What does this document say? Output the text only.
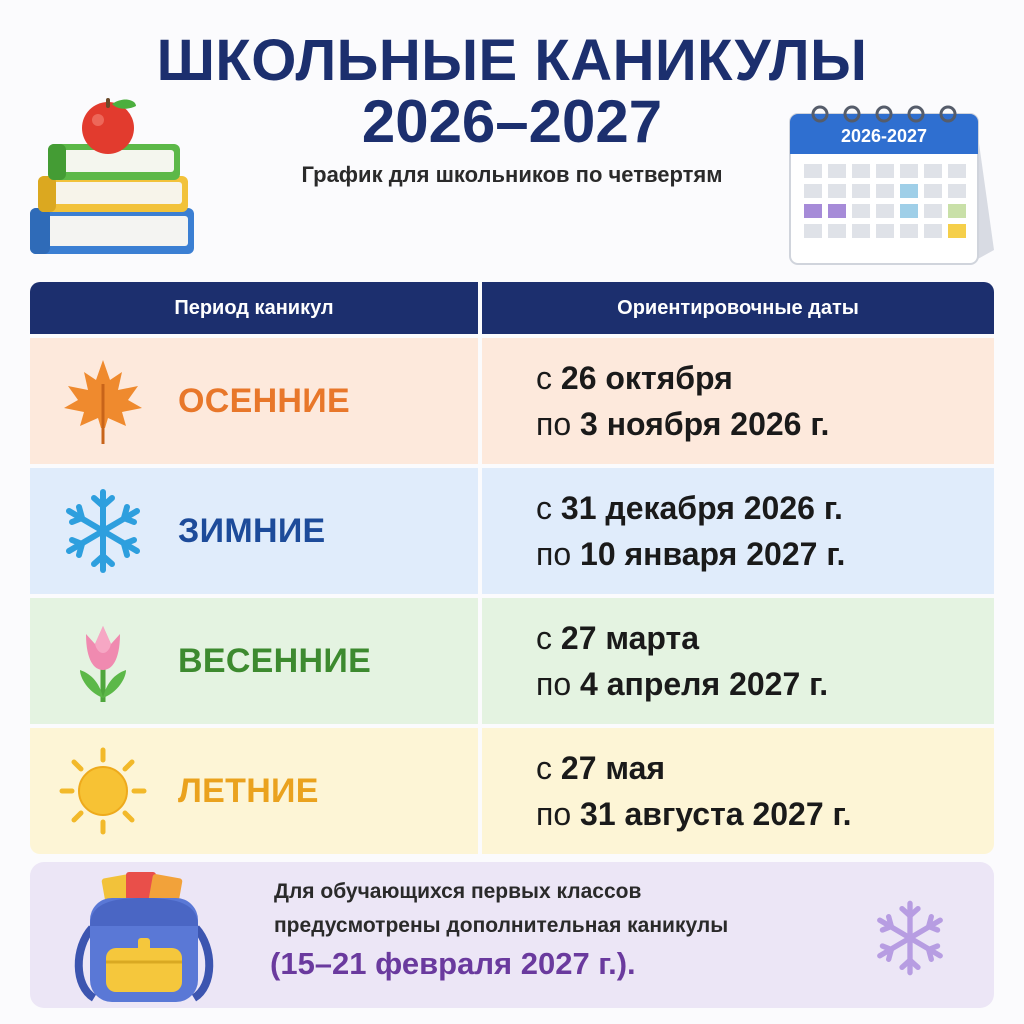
ШКОЛЬНЫЕ КАНИКУЛЫ
2026–2027
График для школьников по четвертям
2026-2027
Период каникул	Ориентировочные даты
ОСЕННИЕ
с 26 октября
по 3 ноября 2026 г.
ЗИМНИЕ
с 31 декабря 2026 г.
по 10 января 2027 г.
ВЕСЕННИЕ
с 27 марта
по 4 апреля 2027 г.
ЛЕТНИЕ
с 27 мая
по 31 августа 2027 г.
Для обучающихся первых классов
предусмотрены дополнительная каникулы
(15–21 февраля 2027 г.).
